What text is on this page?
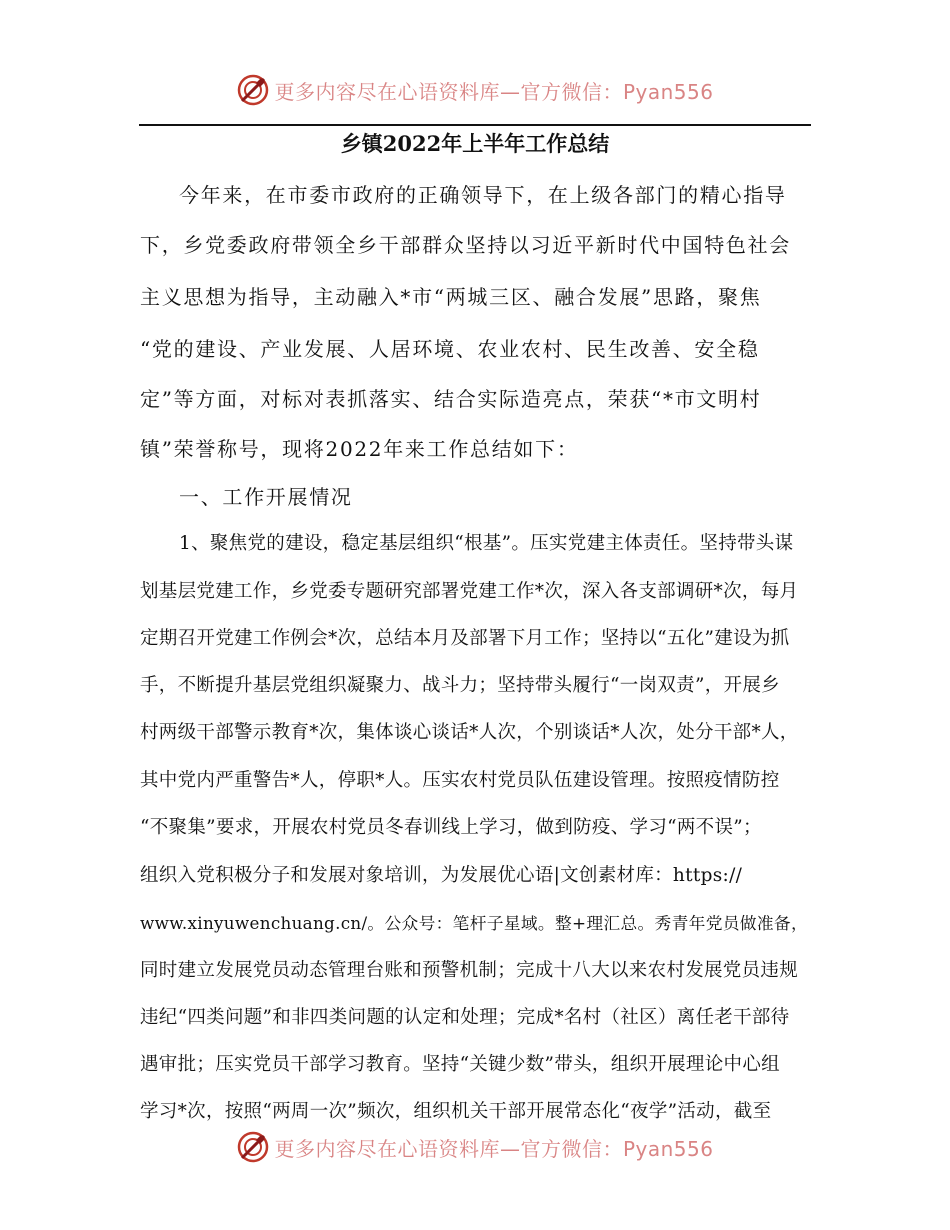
更多内容尽在心语资料库—官方微信：Pyan556
乡镇2022年上半年工作总结
今年来，在市委市政府的正确领导下，在上级各部门的精心指导
下，乡党委政府带领全乡干部群众坚持以习近平新时代中国特色社会
主义思想为指导，主动融入*市“两城三区、融合发展”思路，聚焦
“党的建设、产业发展、人居环境、农业农村、民生改善、安全稳
定”等方面，对标对表抓落实、结合实际造亮点，荣获“*市文明村
镇”荣誉称号，现将2022年来工作总结如下：
一、工作开展情况
1、聚焦党的建设，稳定基层组织“根基”。压实党建主体责任。坚持带头谋
划基层党建工作，乡党委专题研究部署党建工作*次，深入各支部调研*次，每月
定期召开党建工作例会*次，总结本月及部署下月工作；坚持以“五化”建设为抓
手，不断提升基层党组织凝聚力、战斗力；坚持带头履行“一岗双责”，开展乡
村两级干部警示教育*次，集体谈心谈话*人次，个别谈话*人次，处分干部*人，
其中党内严重警告*人，停职*人。压实农村党员队伍建设管理。按照疫情防控
“不聚集”要求，开展农村党员冬春训线上学习，做到防疫、学习“两不误”；
组织入党积极分子和发展对象培训，为发展优心语|文创素材库：https://
www.xinyuwenchuang.cn/。公众号：笔杆子星域。整+理汇总。秀青年党员做准备，
同时建立发展党员动态管理台账和预警机制；完成十八大以来农村发展党员违规
违纪“四类问题”和非四类问题的认定和处理；完成*名村（社区）离任老干部待
遇审批；压实党员干部学习教育。坚持“关键少数”带头，组织开展理论中心组
学习*次，按照“两周一次”频次，组织机关干部开展常态化“夜学”活动，截至
更多内容尽在心语资料库—官方微信：Pyan556
